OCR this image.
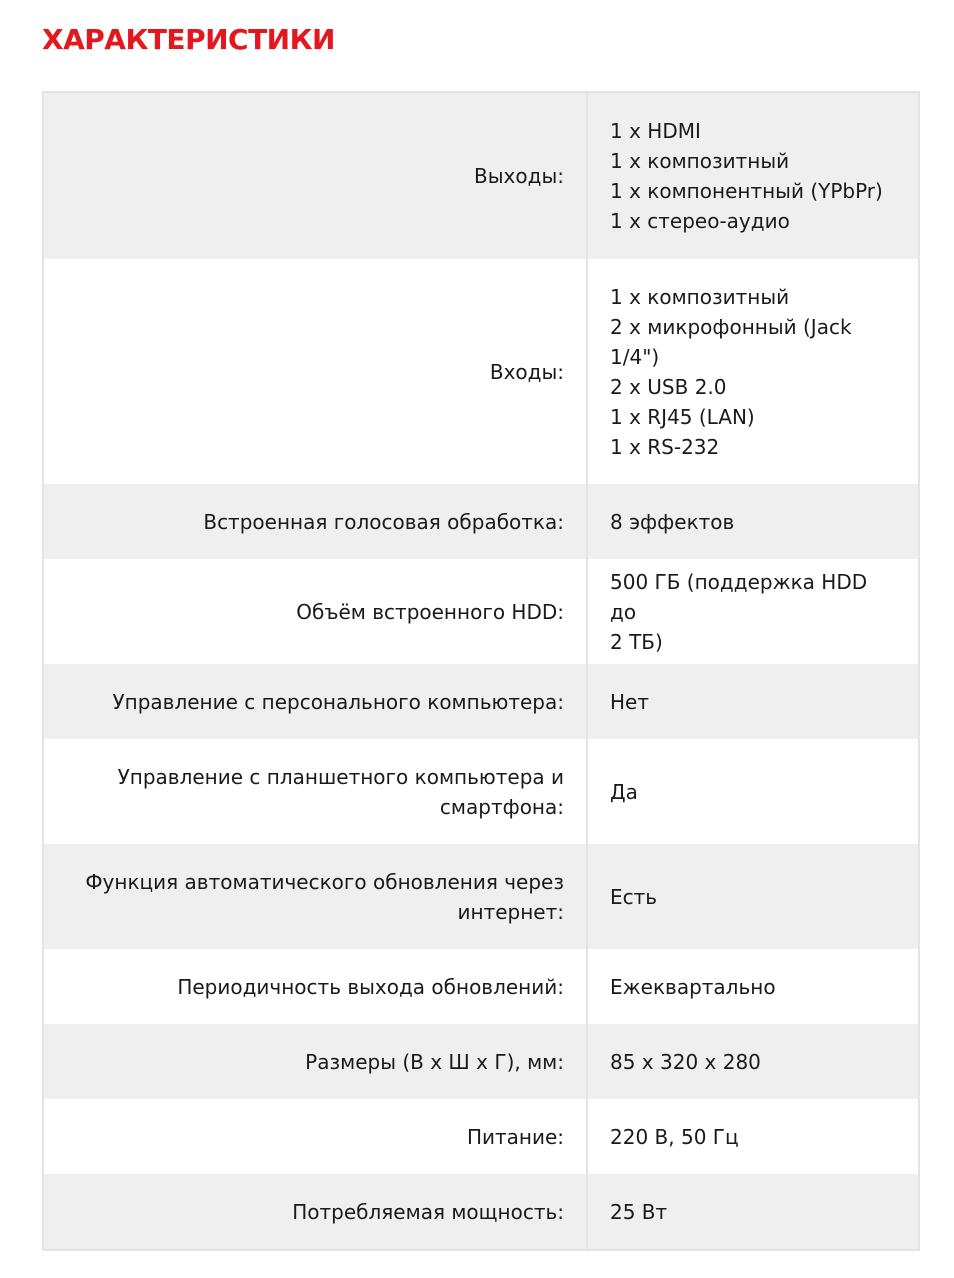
ХАРАКТЕРИСТИКИ
Выходы:
1 x HDMI
1 x композитный
1 x компонентный (YPbPr)
1 x стерео-аудио
Входы:
1 x композитный
2 x микрофонный (Jack
1/4")
2 x USB 2.0
1 x RJ45 (LAN)
1 x RS-232
Встроенная голосовая обработка:	8 эффектов
Объём встроенного HDD:
500 ГБ (поддержка HDD до
2 ТБ)
Управление с персонального компьютера:	Нет
Управление с планшетного компьютера и смартфона:
Да
Функция автоматического обновления через интернет:
Есть
Периодичность выхода обновлений:	Ежеквартально
Размеры (В x Ш x Г), мм:	85 x 320 x 280
Питание:	220 В, 50 Гц
Потребляемая мощность:	25 Вт
